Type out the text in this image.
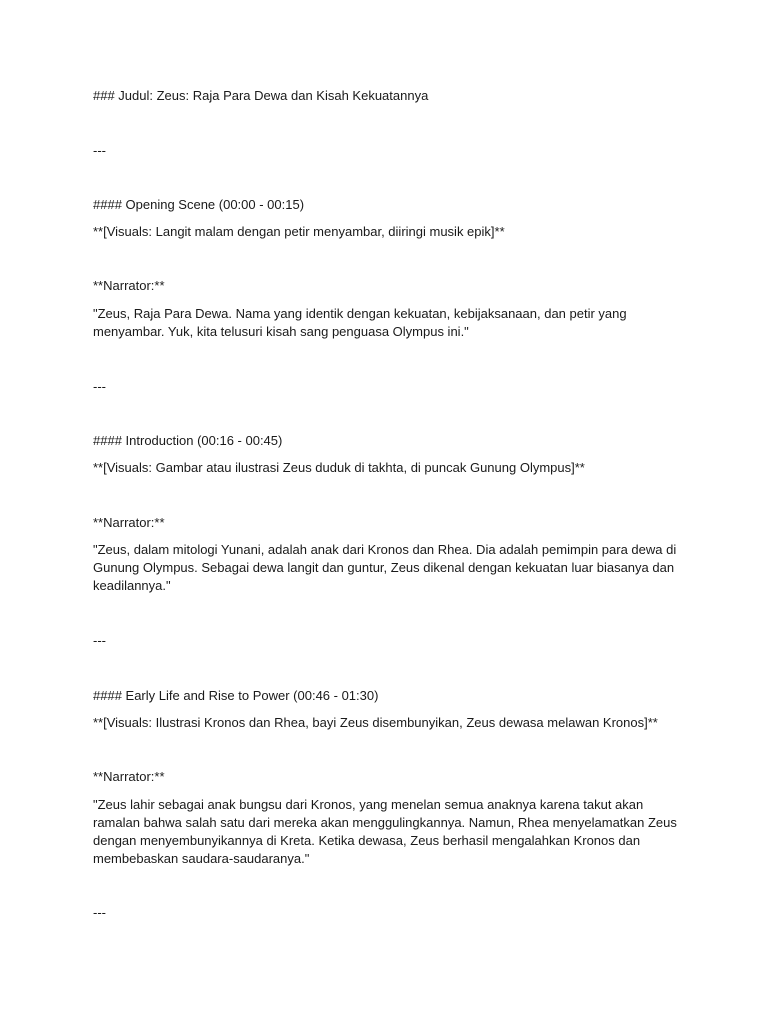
### Judul: Zeus: Raja Para Dewa dan Kisah Kekuatannya

---

#### Opening Scene (00:00 - 00:15)

**[Visuals: Langit malam dengan petir menyambar, diiringi musik epik]**

**Narrator:**

"Zeus, Raja Para Dewa. Nama yang identik dengan kekuatan, kebijaksanaan, dan petir yang menyambar. Yuk, kita telusuri kisah sang penguasa Olympus ini."

---

#### Introduction (00:16 - 00:45)

**[Visuals: Gambar atau ilustrasi Zeus duduk di takhta, di puncak Gunung Olympus]**

**Narrator:**

"Zeus, dalam mitologi Yunani, adalah anak dari Kronos dan Rhea. Dia adalah pemimpin para dewa di Gunung Olympus. Sebagai dewa langit dan guntur, Zeus dikenal dengan kekuatan luar biasanya dan keadilannya."

---

#### Early Life and Rise to Power (00:46 - 01:30)

**[Visuals: Ilustrasi Kronos dan Rhea, bayi Zeus disembunyikan, Zeus dewasa melawan Kronos]**

**Narrator:**

"Zeus lahir sebagai anak bungsu dari Kronos, yang menelan semua anaknya karena takut akan ramalan bahwa salah satu dari mereka akan menggulingkannya. Namun, Rhea menyelamatkan Zeus dengan menyembunyikannya di Kreta. Ketika dewasa, Zeus berhasil mengalahkan Kronos dan membebaskan saudara-saudaranya."

---
